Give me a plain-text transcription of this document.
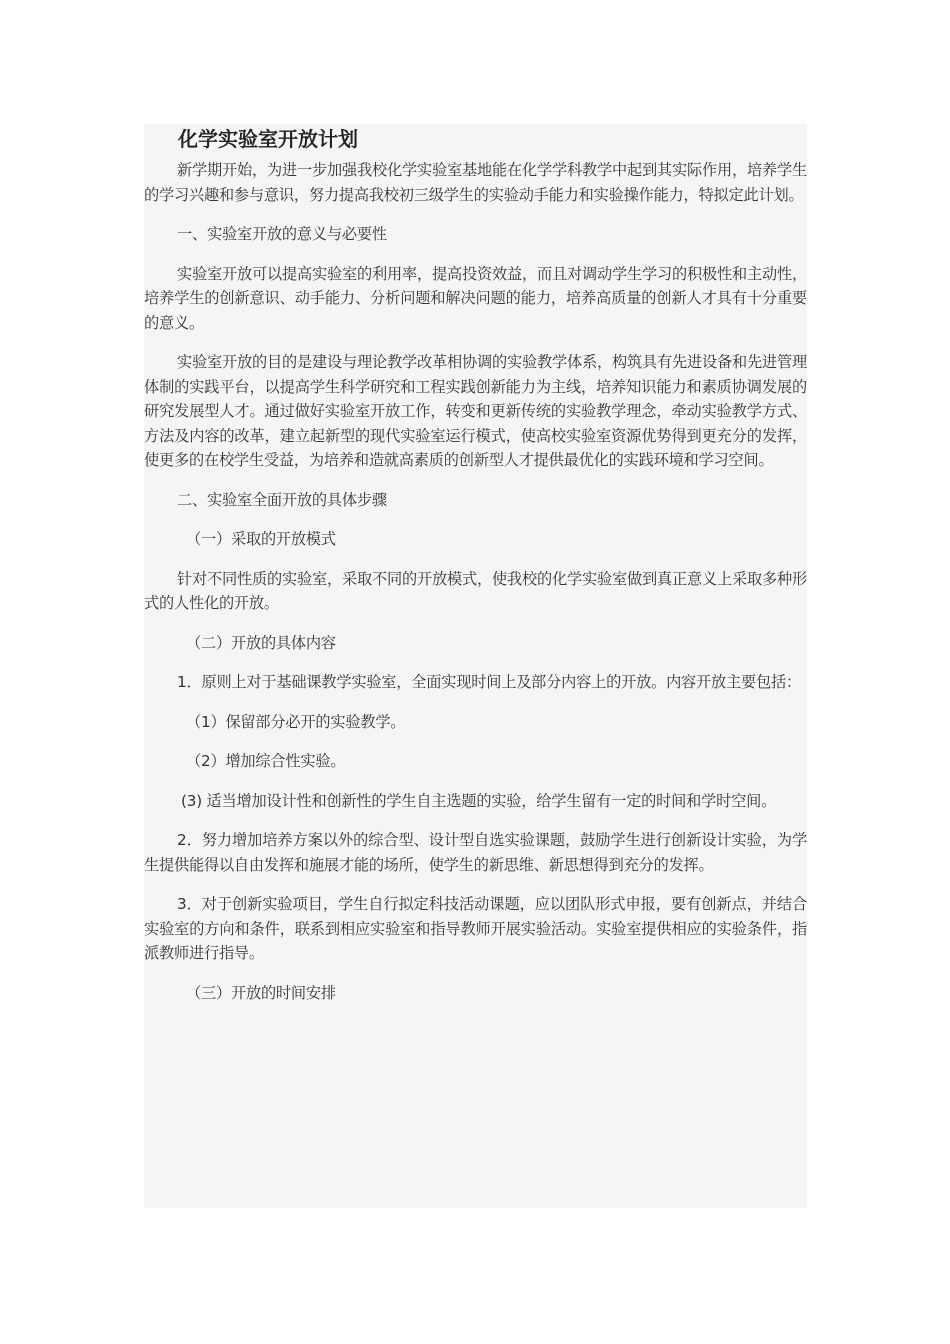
化学实验室开放计划

新学期开始，为进一步加强我校化学实验室基地能在化学学科教学中起到其实际作用，培养学生的学习兴趣和参与意识，努力提高我校初三级学生的实验动手能力和实验操作能力，特拟定此计划。

一、实验室开放的意义与必要性

实验室开放可以提高实验室的利用率，提高投资效益，而且对调动学生学习的积极性和主动性，培养学生的创新意识、动手能力、分析问题和解决问题的能力，培养高质量的创新人才具有十分重要的意义。

实验室开放的目的是建设与理论教学改革相协调的实验教学体系，构筑具有先进设备和先进管理体制的实践平台，以提高学生科学研究和工程实践创新能力为主线，培养知识能力和素质协调发展的研究发展型人才。通过做好实验室开放工作，转变和更新传统的实验教学理念，牵动实验教学方式、方法及内容的改革，建立起新型的现代实验室运行模式，使高校实验室资源优势得到更充分的发挥，使更多的在校学生受益，为培养和造就高素质的创新型人才提供最优化的实践环境和学习空间。

二、实验室全面开放的具体步骤

（一）采取的开放模式

针对不同性质的实验室，采取不同的开放模式，使我校的化学实验室做到真正意义上采取多种形式的人性化的开放。

（二）开放的具体内容

1．原则上对于基础课教学实验室，全面实现时间上及部分内容上的开放。内容开放主要包括：

（1）保留部分必开的实验教学。

（2）增加综合性实验。

(3) 适当增加设计性和创新性的学生自主选题的实验，给学生留有一定的时间和学时空间。

2．努力增加培养方案以外的综合型、设计型自选实验课题，鼓励学生进行创新设计实验，为学生提供能得以自由发挥和施展才能的场所，使学生的新思维、新思想得到充分的发挥。

3．对于创新实验项目，学生自行拟定科技活动课题，应以团队形式申报，要有创新点，并结合实验室的方向和条件，联系到相应实验室和指导教师开展实验活动。实验室提供相应的实验条件，指派教师进行指导。

（三）开放的时间安排
